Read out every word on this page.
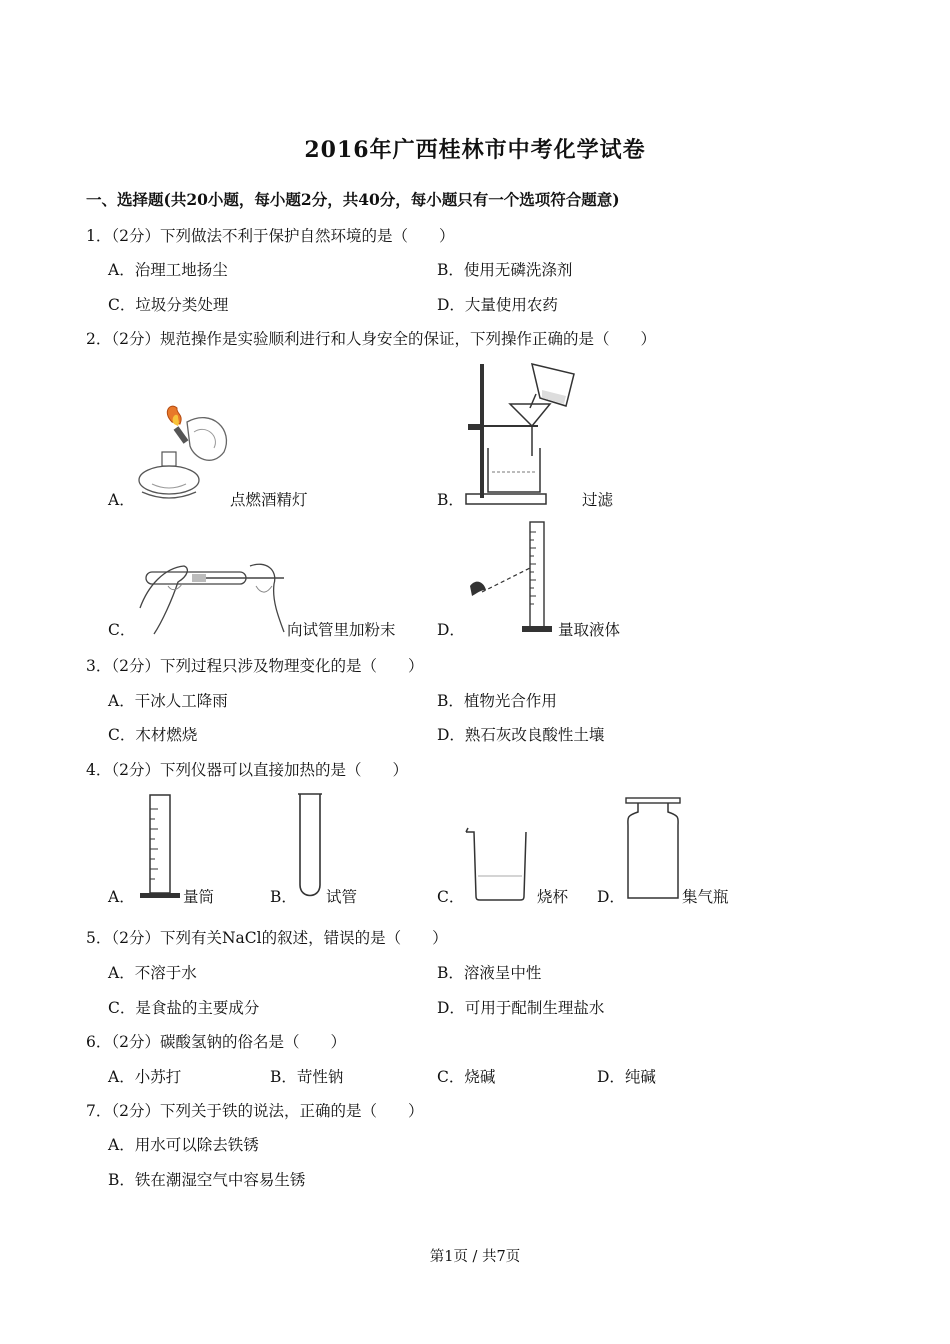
2016年广西桂林市中考化学试卷
一、选择题(共20小题，每小题2分，共40分，每小题只有一个选项符合题意)
1．（2分）下列做法不利于保护自然环境的是（　　）
A．治理工地扬尘	B．使用无磷洗涤剂
C．垃圾分类处理	D．大量使用农药
2．（2分）规范操作是实验顺利进行和人身安全的保证，下列操作正确的是（　　）
A．	点燃酒精灯	B．	过滤
C．	向试管里加粉末	D．	量取液体
3．（2分）下列过程只涉及物理变化的是（　　）
A．干冰人工降雨	B．植物光合作用
C．木材燃烧	D．熟石灰改良酸性土壤
4．（2分）下列仪器可以直接加热的是（　　）
A．	量筒	B． 试管	C．	烧杯 D．	集气瓶
5．（2分）下列有关NaCl的叙述，错误的是（　　）
A．不溶于水	B．溶液呈中性
C．是食盐的主要成分	D．可用于配制生理盐水
6．（2分）碳酸氢钠的俗名是（　　）
A．小苏打	B．苛性钠	C．烧碱	D．纯碱
7．（2分）下列关于铁的说法，正确的是（　　）
A．用水可以除去铁锈
B．铁在潮湿空气中容易生锈
第1页 / 共7页
